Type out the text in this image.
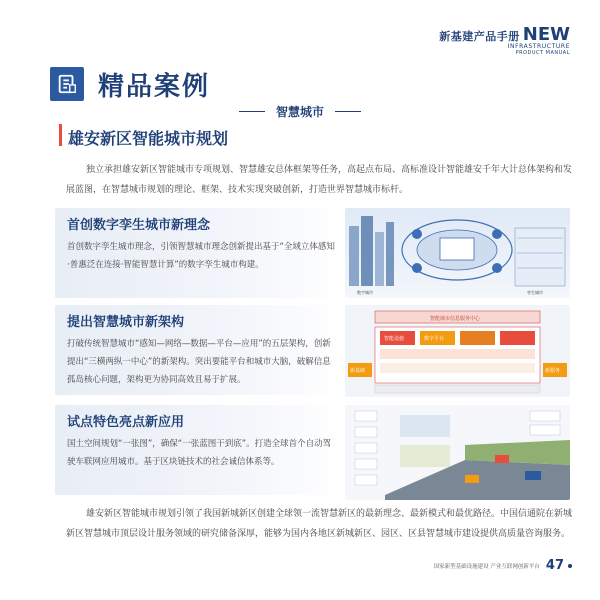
新基建产品手册 NEW
INFRASTRUCTURE
PRODUCT MANUAL
精品案例
智慧城市
雄安新区智能城市规划

独立承担雄安新区智能城市专项规划、智慧雄安总体框架等任务，高起点布局、高标准设计智能雄安千年大计总体架构和发展蓝图，在智慧城市规划的理论、框架、技术实现突破创新，打造世界智慧城市标杆。

首创数字孪生城市新理念

首创数字孪生城市理念，引领智慧城市理念创新提出基于“全域立体感知·普惠泛在连接·智能智慧计算”的数字孪生城市构建。

提出智慧城市新架构

打破传统智慧城市“感知—网络—数据—平台—应用”的五层架构，创新提出“三横两纵一中心”的新架构。突出要能平台和城市大脑，破解信息孤岛核心问题，架构更为协同高效且易于扩展。

试点特色亮点新应用

国土空间规划“一张图”，确保“一张蓝图干到底”。打造全球首个自动驾驶车联网应用城市。基于区块链技术的社会诚信体系等。

数字城市	孪生城市
智能城市信息服务中心
智能设施	数字平台
新基础	新服务

雄安新区智能城市规划引领了我国新城新区创建全球领一流智慧新区的最新理念、最新模式和最优路径。中国信通院在新城新区智慧城市顶层设计服务领域的研究储备深厚，能够为国内各地区新城新区、园区、区县智慧城市建设提供高质量咨询服务。

国家新型基础设施建设 产业互联网创新平台 47
